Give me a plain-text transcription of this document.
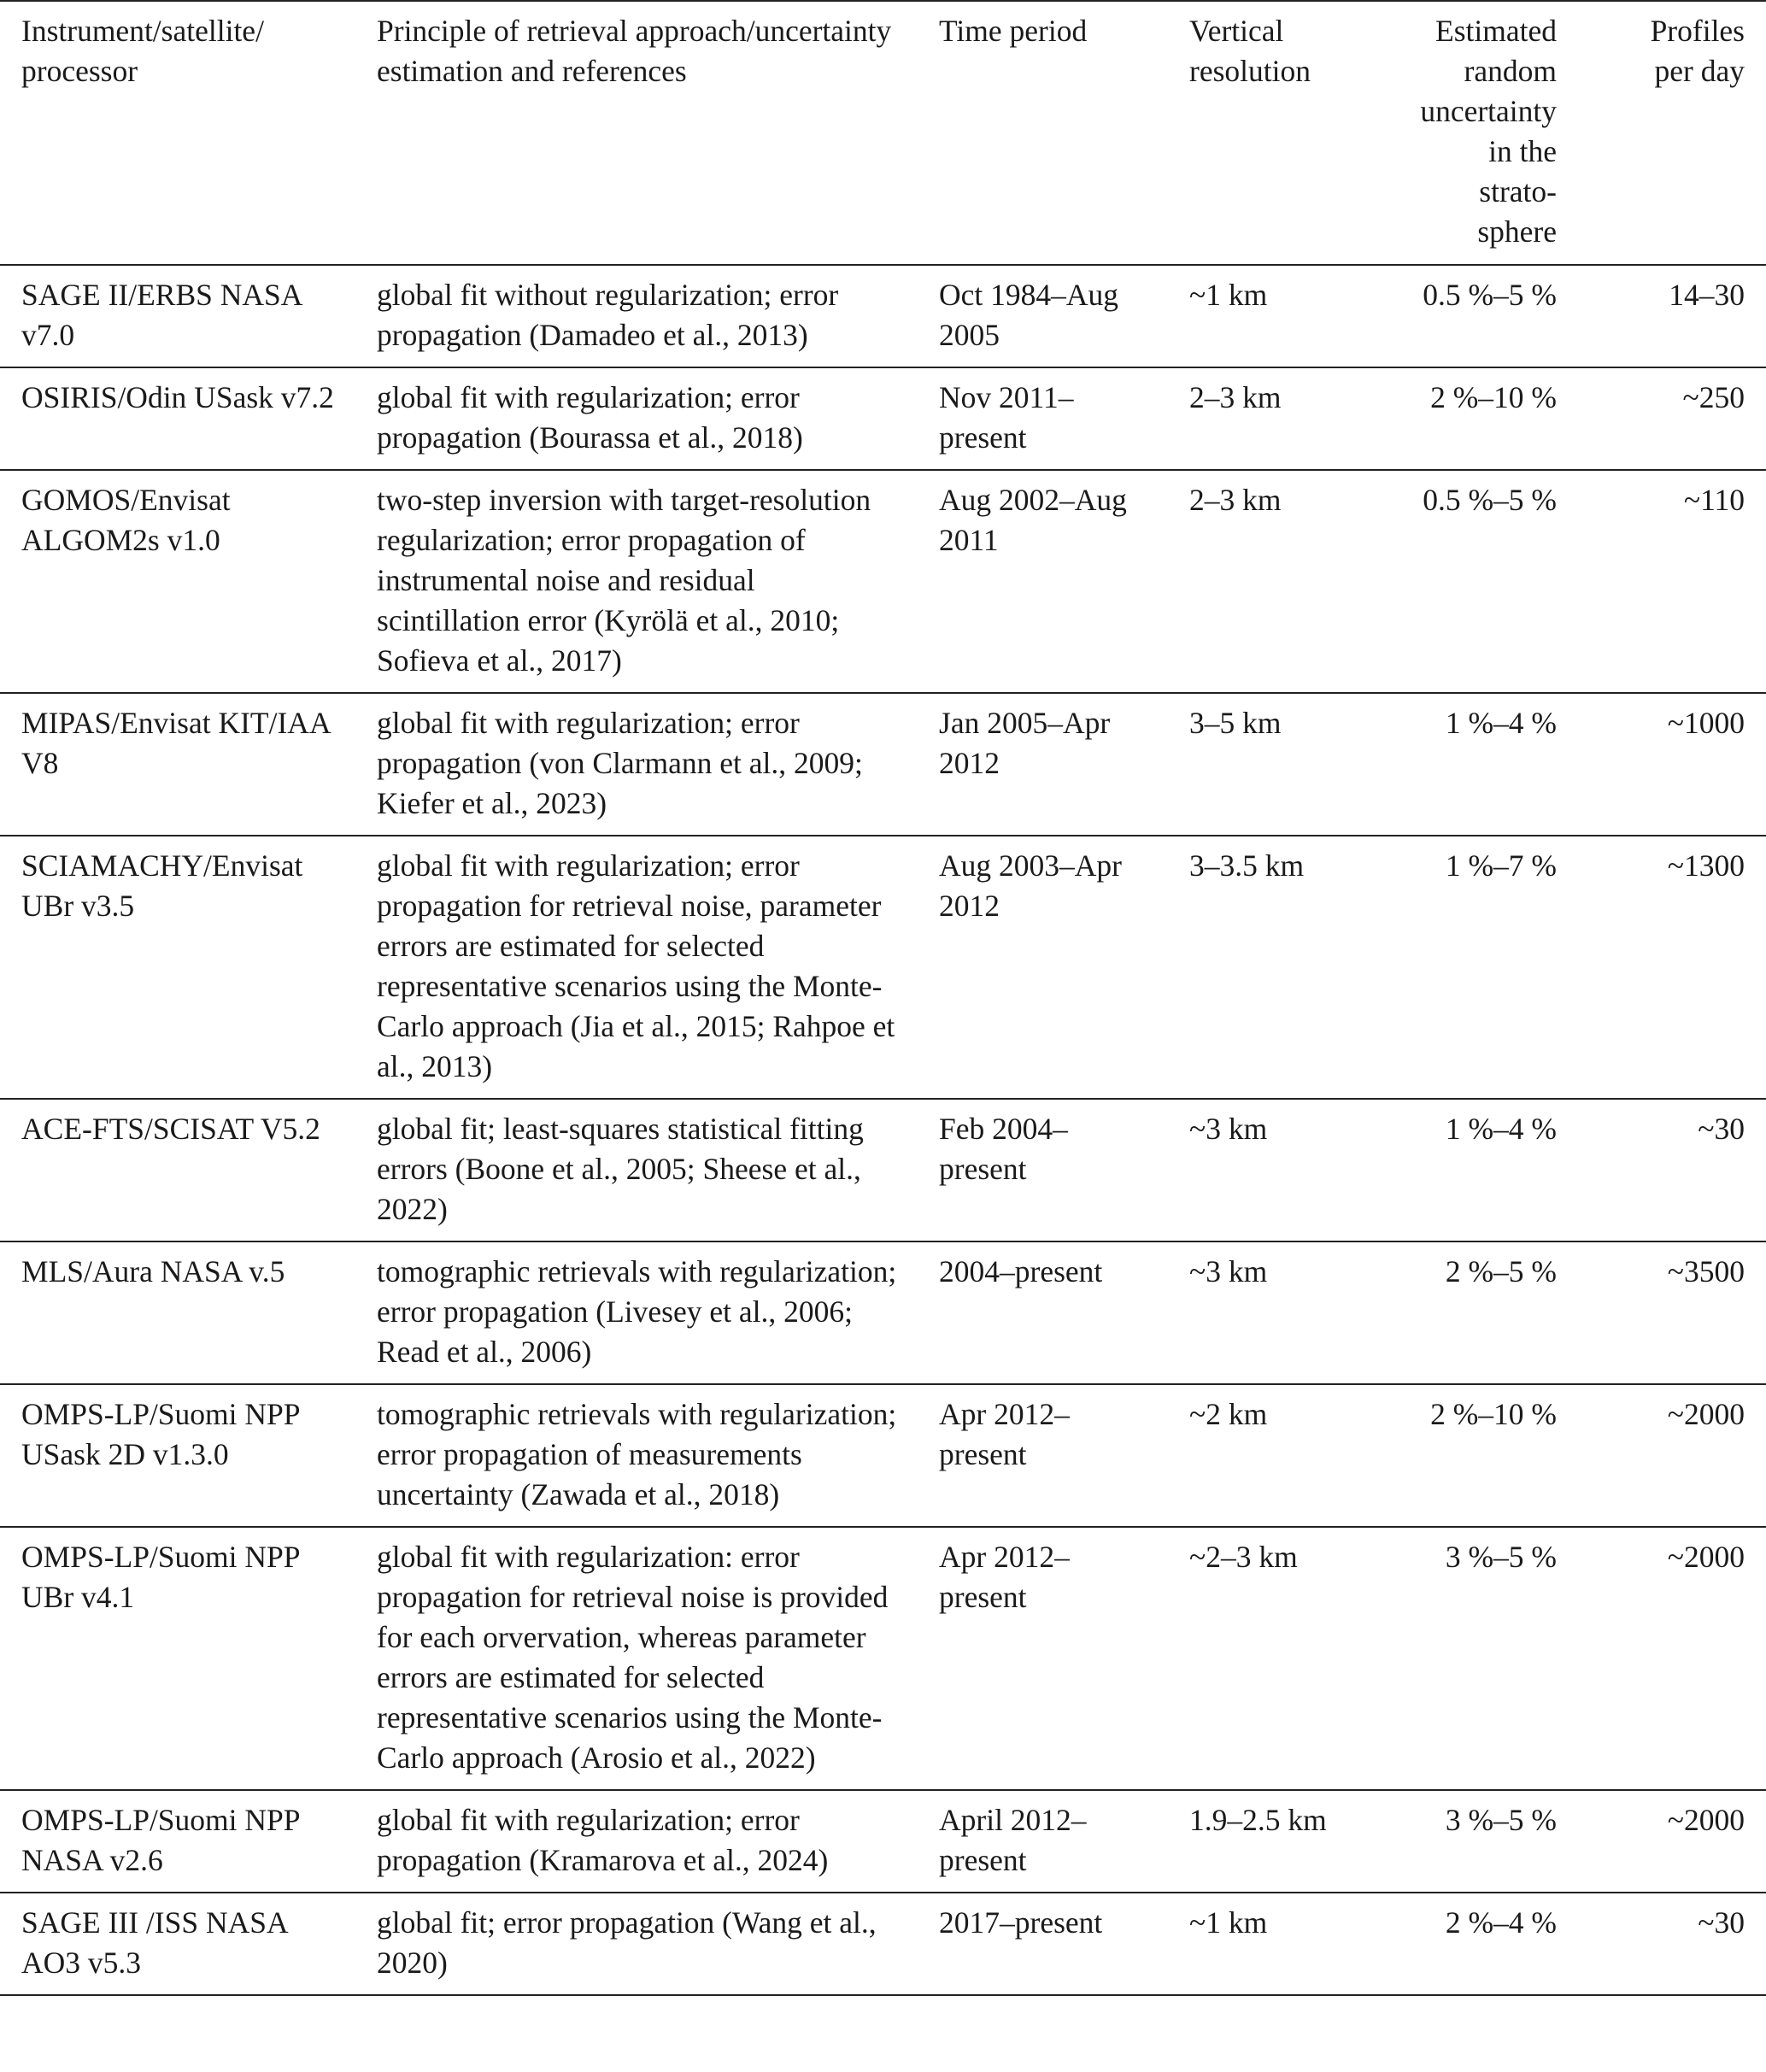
Instrument/satellite/ processor	Principle of retrieval approach/uncertainty estimation and references	Time period	Vertical resolution	Estimated random uncertainty in the strato-sphere	Profiles per day
SAGE II/ERBS NASA v7.0	global fit without regularization; error propagation (Damadeo et al., 2013)	Oct 1984–Aug 2005	~1 km	0.5 %–5 %	14–30
OSIRIS/Odin USask v7.2	global fit with regularization; error propagation (Bourassa et al., 2018)	Nov 2011–present	2–3 km	2 %–10 %	~250
GOMOS/Envisat ALGOM2s v1.0	two-step inversion with target-resolution regularization; error propagation of instrumental noise and residual scintillation error (Kyrölä et al., 2010; Sofieva et al., 2017)	Aug 2002–Aug 2011	2–3 km	0.5 %–5 %	~110
MIPAS/Envisat KIT/IAA V8	global fit with regularization; error propagation (von Clarmann et al., 2009; Kiefer et al., 2023)	Jan 2005–Apr 2012	3–5 km	1 %–4 %	~1000
SCIAMACHY/Envisat UBr v3.5	global fit with regularization; error propagation for retrieval noise, parameter errors are estimated for selected representative scenarios using the Monte-Carlo approach (Jia et al., 2015; Rahpoe et al., 2013)	Aug 2003–Apr 2012	3–3.5 km	1 %–7 %	~1300
ACE-FTS/SCISAT V5.2	global fit; least-squares statistical fitting errors (Boone et al., 2005; Sheese et al., 2022)	Feb 2004–present	~3 km	1 %–4 %	~30
MLS/Aura NASA v.5	tomographic retrievals with regularization; error propagation (Livesey et al., 2006; Read et al., 2006)	2004–present	~3 km	2 %–5 %	~3500
OMPS-LP/Suomi NPP USask 2D v1.3.0	tomographic retrievals with regularization; error propagation of measurements uncertainty (Zawada et al., 2018)	Apr 2012–present	~2 km	2 %–10 %	~2000
OMPS-LP/Suomi NPP UBr v4.1	global fit with regularization: error propagation for retrieval noise is provided for each orvervation, whereas parameter errors are estimated for selected representative scenarios using the Monte-Carlo approach (Arosio et al., 2022)	Apr 2012–present	~2–3 km	3 %–5 %	~2000
OMPS-LP/Suomi NPP NASA v2.6	global fit with regularization; error propagation (Kramarova et al., 2024)	April 2012–present	1.9–2.5 km	3 %–5 %	~2000
SAGE III /ISS NASA AO3 v5.3	global fit; error propagation (Wang et al., 2020)	2017–present	~1 km	2 %–4 %	~30
